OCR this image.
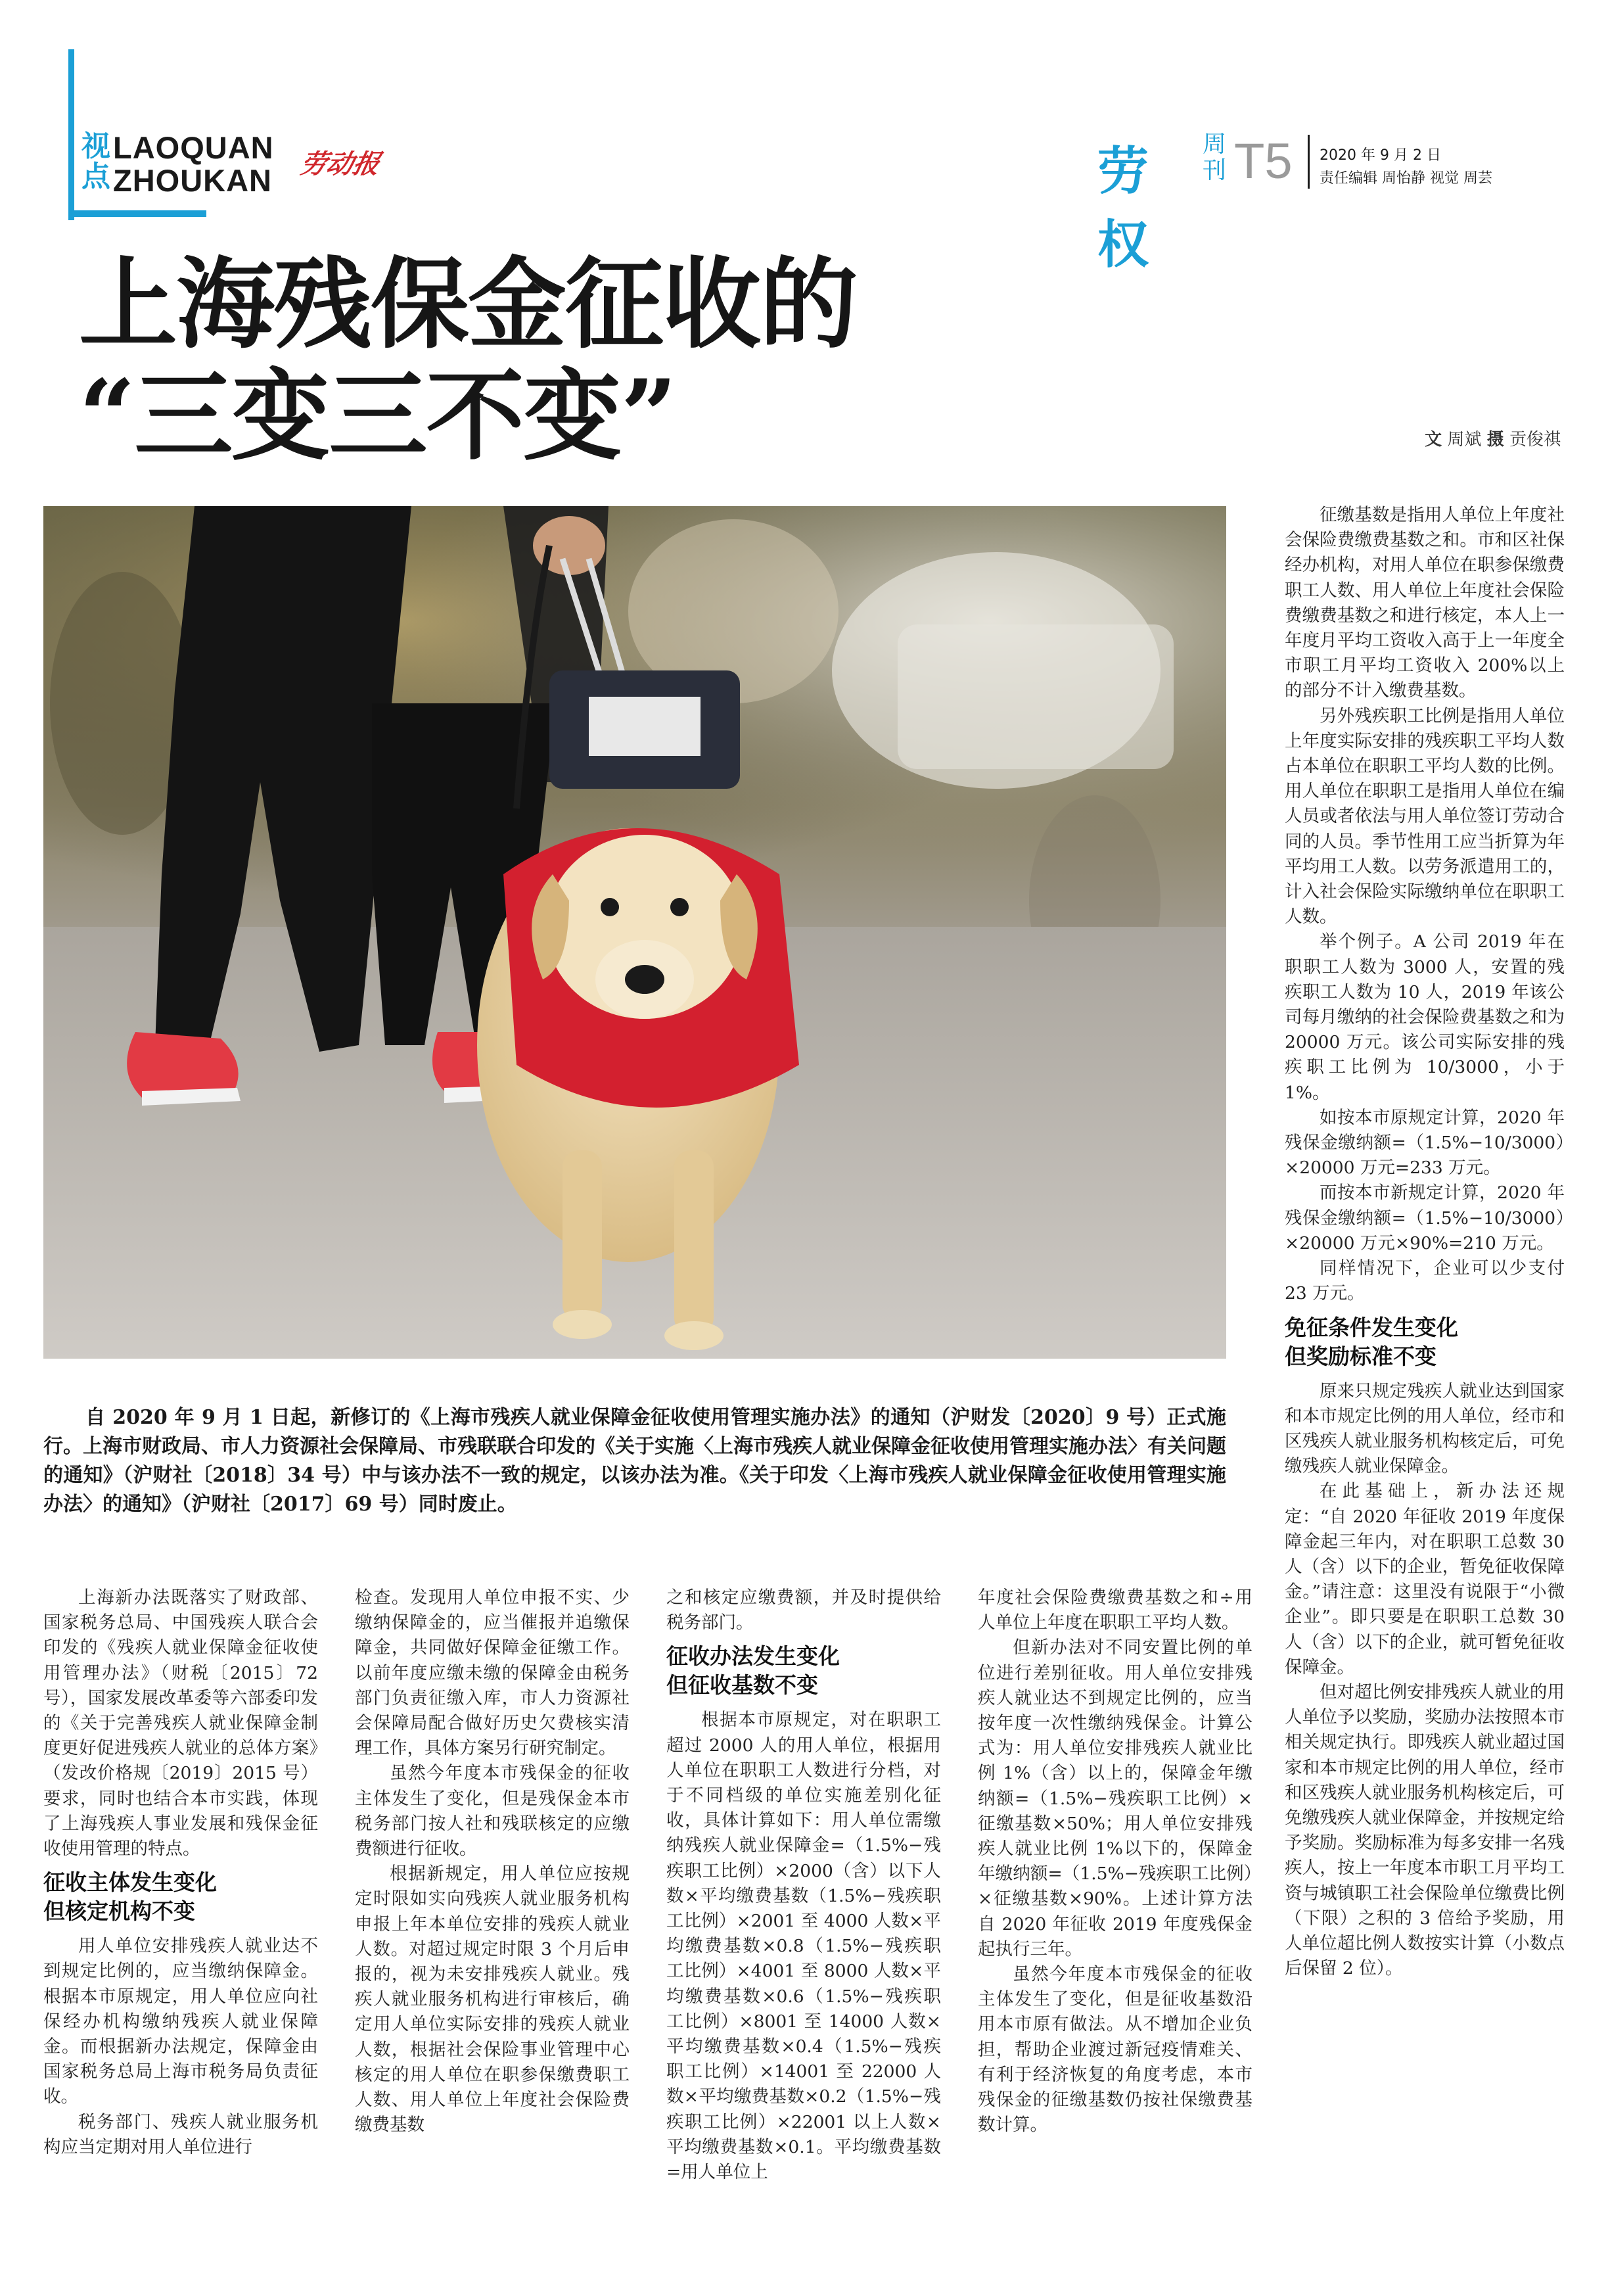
视点
LAOQUAN
ZHOUKAN 劳动报	劳权
周刊 T5 2020 年 9 月 2 日
责任编辑 周怡静 视觉 周芸
上海残保金征收的
“三变三不变”	文 周斌 摄 贡俊祺
自 2020 年 9 月 1 日起，新修订的《上海市残疾人就业保障金征收使用管理实施办法》的通知（沪财发〔2020〕9 号）正式施行。上海市财政局、市人力资源社会保障局、市残联联合印发的《关于实施〈上海市残疾人就业保障金征收使用管理实施办法〉有关问题的通知》（沪财社〔2018〕34 号）中与该办法不一致的规定，以该办法为准。《关于印发〈上海市残疾人就业保障金征收使用管理实施办法〉的通知》（沪财社〔2017〕69 号）同时废止。

上海新办法既落实了财政部、国家税务总局、中国残疾人联合会印发的《残疾人就业保障金征收使用管理办法》（财税〔2015〕72 号），国家发展改革委等六部委印发的《关于完善残疾人就业保障金制度更好促进残疾人就业的总体方案》（发改价格规〔2019〕2015 号）要求，同时也结合本市实践，体现了上海残疾人事业发展和残保金征收使用管理的特点。

征收主体发生变化
但核定机构不变

用人单位安排残疾人就业达不到规定比例的，应当缴纳保障金。根据本市原规定，用人单位应向社保经办机构缴纳残疾人就业保障金。而根据新办法规定，保障金由国家税务总局上海市税务局负责征收。

税务部门、残疾人就业服务机构应当定期对用人单位进行

检查。发现用人单位申报不实、少缴纳保障金的，应当催报并追缴保障金，共同做好保障金征缴工作。以前年度应缴未缴的保障金由税务部门负责征缴入库，市人力资源社会保障局配合做好历史欠费核实清理工作，具体方案另行研究制定。

虽然今年度本市残保金的征收主体发生了变化，但是残保金本市税务部门按人社和残联核定的应缴费额进行征收。

根据新规定，用人单位应按规定时限如实向残疾人就业服务机构申报上年本单位安排的残疾人就业人数。对超过规定时限 3 个月后申报的，视为未安排残疾人就业。残疾人就业服务机构进行审核后，确定用人单位实际安排的残疾人就业人数，根据社会保险事业管理中心核定的用人单位在职参保缴费职工人数、用人单位上年度社会保险费缴费基数

之和核定应缴费额，并及时提供给税务部门。

征收办法发生变化
但征收基数不变

根据本市原规定，对在职职工超过 2000 人的用人单位，根据用人单位在职职工人数进行分档，对于不同档级的单位实施差别化征收，具体计算如下：用人单位需缴纳残疾人就业保障金=（1.5%−残疾职工比例）×2000（含）以下人数×平均缴费基数（1.5%−残疾职工比例）×2001 至 4000 人数×平均缴费基数×0.8（1.5%−残疾职工比例）×4001 至 8000 人数×平均缴费基数×0.6（1.5%−残疾职工比例）×8001 至 14000 人数×平均缴费基数×0.4（1.5%−残疾职工比例）×14001 至 22000 人数×平均缴费基数×0.2（1.5%−残疾职工比例）×22001 以上人数×平均缴费基数×0.1。平均缴费基数=用人单位上

年度社会保险费缴费基数之和÷用人单位上年度在职职工平均人数。

但新办法对不同安置比例的单位进行差别征收。用人单位安排残疾人就业达不到规定比例的，应当按年度一次性缴纳残保金。计算公式为：用人单位安排残疾人就业比例 1%（含）以上的，保障金年缴纳额=（1.5%−残疾职工比例）×征缴基数×50%；用人单位安排残疾人就业比例 1%以下的，保障金年缴纳额=（1.5%−残疾职工比例）×征缴基数×90%。上述计算方法自 2020 年征收 2019 年度残保金起执行三年。

虽然今年度本市残保金的征收主体发生了变化，但是征收基数沿用本市原有做法。从不增加企业负担，帮助企业渡过新冠疫情难关、有利于经济恢复的角度考虑，本市残保金的征缴基数仍按社保缴费基数计算。

征缴基数是指用人单位上年度社会保险费缴费基数之和。市和区社保经办机构，对用人单位在职参保缴费职工人数、用人单位上年度社会保险费缴费基数之和进行核定，本人上一年度月平均工资收入高于上一年度全市职工月平均工资收入 200%以上的部分不计入缴费基数。

另外残疾职工比例是指用人单位上年度实际安排的残疾职工平均人数占本单位在职职工平均人数的比例。用人单位在职职工是指用人单位在编人员或者依法与用人单位签订劳动合同的人员。季节性用工应当折算为年平均用工人数。以劳务派遣用工的，计入社会保险实际缴纳单位在职职工人数。

举个例子。A 公司 2019 年在职职工人数为 3000 人，安置的残疾职工人数为 10 人，2019 年该公司每月缴纳的社会保险费基数之和为 20000 万元。该公司实际安排的残疾职工比例为 10/3000，小于 1%。

如按本市原规定计算，2020 年残保金缴纳额=（1.5%−10/3000）×20000 万元=233 万元。

而按本市新规定计算，2020 年残保金缴纳额=（1.5%−10/3000）×20000 万元×90%=210 万元。

同样情况下，企业可以少支付 23 万元。

免征条件发生变化
但奖励标准不变

原来只规定残疾人就业达到国家和本市规定比例的用人单位，经市和区残疾人就业服务机构核定后，可免缴残疾人就业保障金。

在此基础上，新办法还规定：“自 2020 年征收 2019 年度保障金起三年内，对在职职工总数 30 人（含）以下的企业，暂免征收保障金。”请注意：这里没有说限于“小微企业”。即只要是在职职工总数 30 人（含）以下的企业，就可暂免征收保障金。

但对超比例安排残疾人就业的用人单位予以奖励，奖励办法按照本市相关规定执行。即残疾人就业超过国家和本市规定比例的用人单位，经市和区残疾人就业服务机构核定后，可免缴残疾人就业保障金，并按规定给予奖励。奖励标准为每多安排一名残疾人，按上一年度本市职工月平均工资与城镇职工社会保险单位缴费比例（下限）之积的 3 倍给予奖励，用人单位超比例人数按实计算（小数点后保留 2 位）。
